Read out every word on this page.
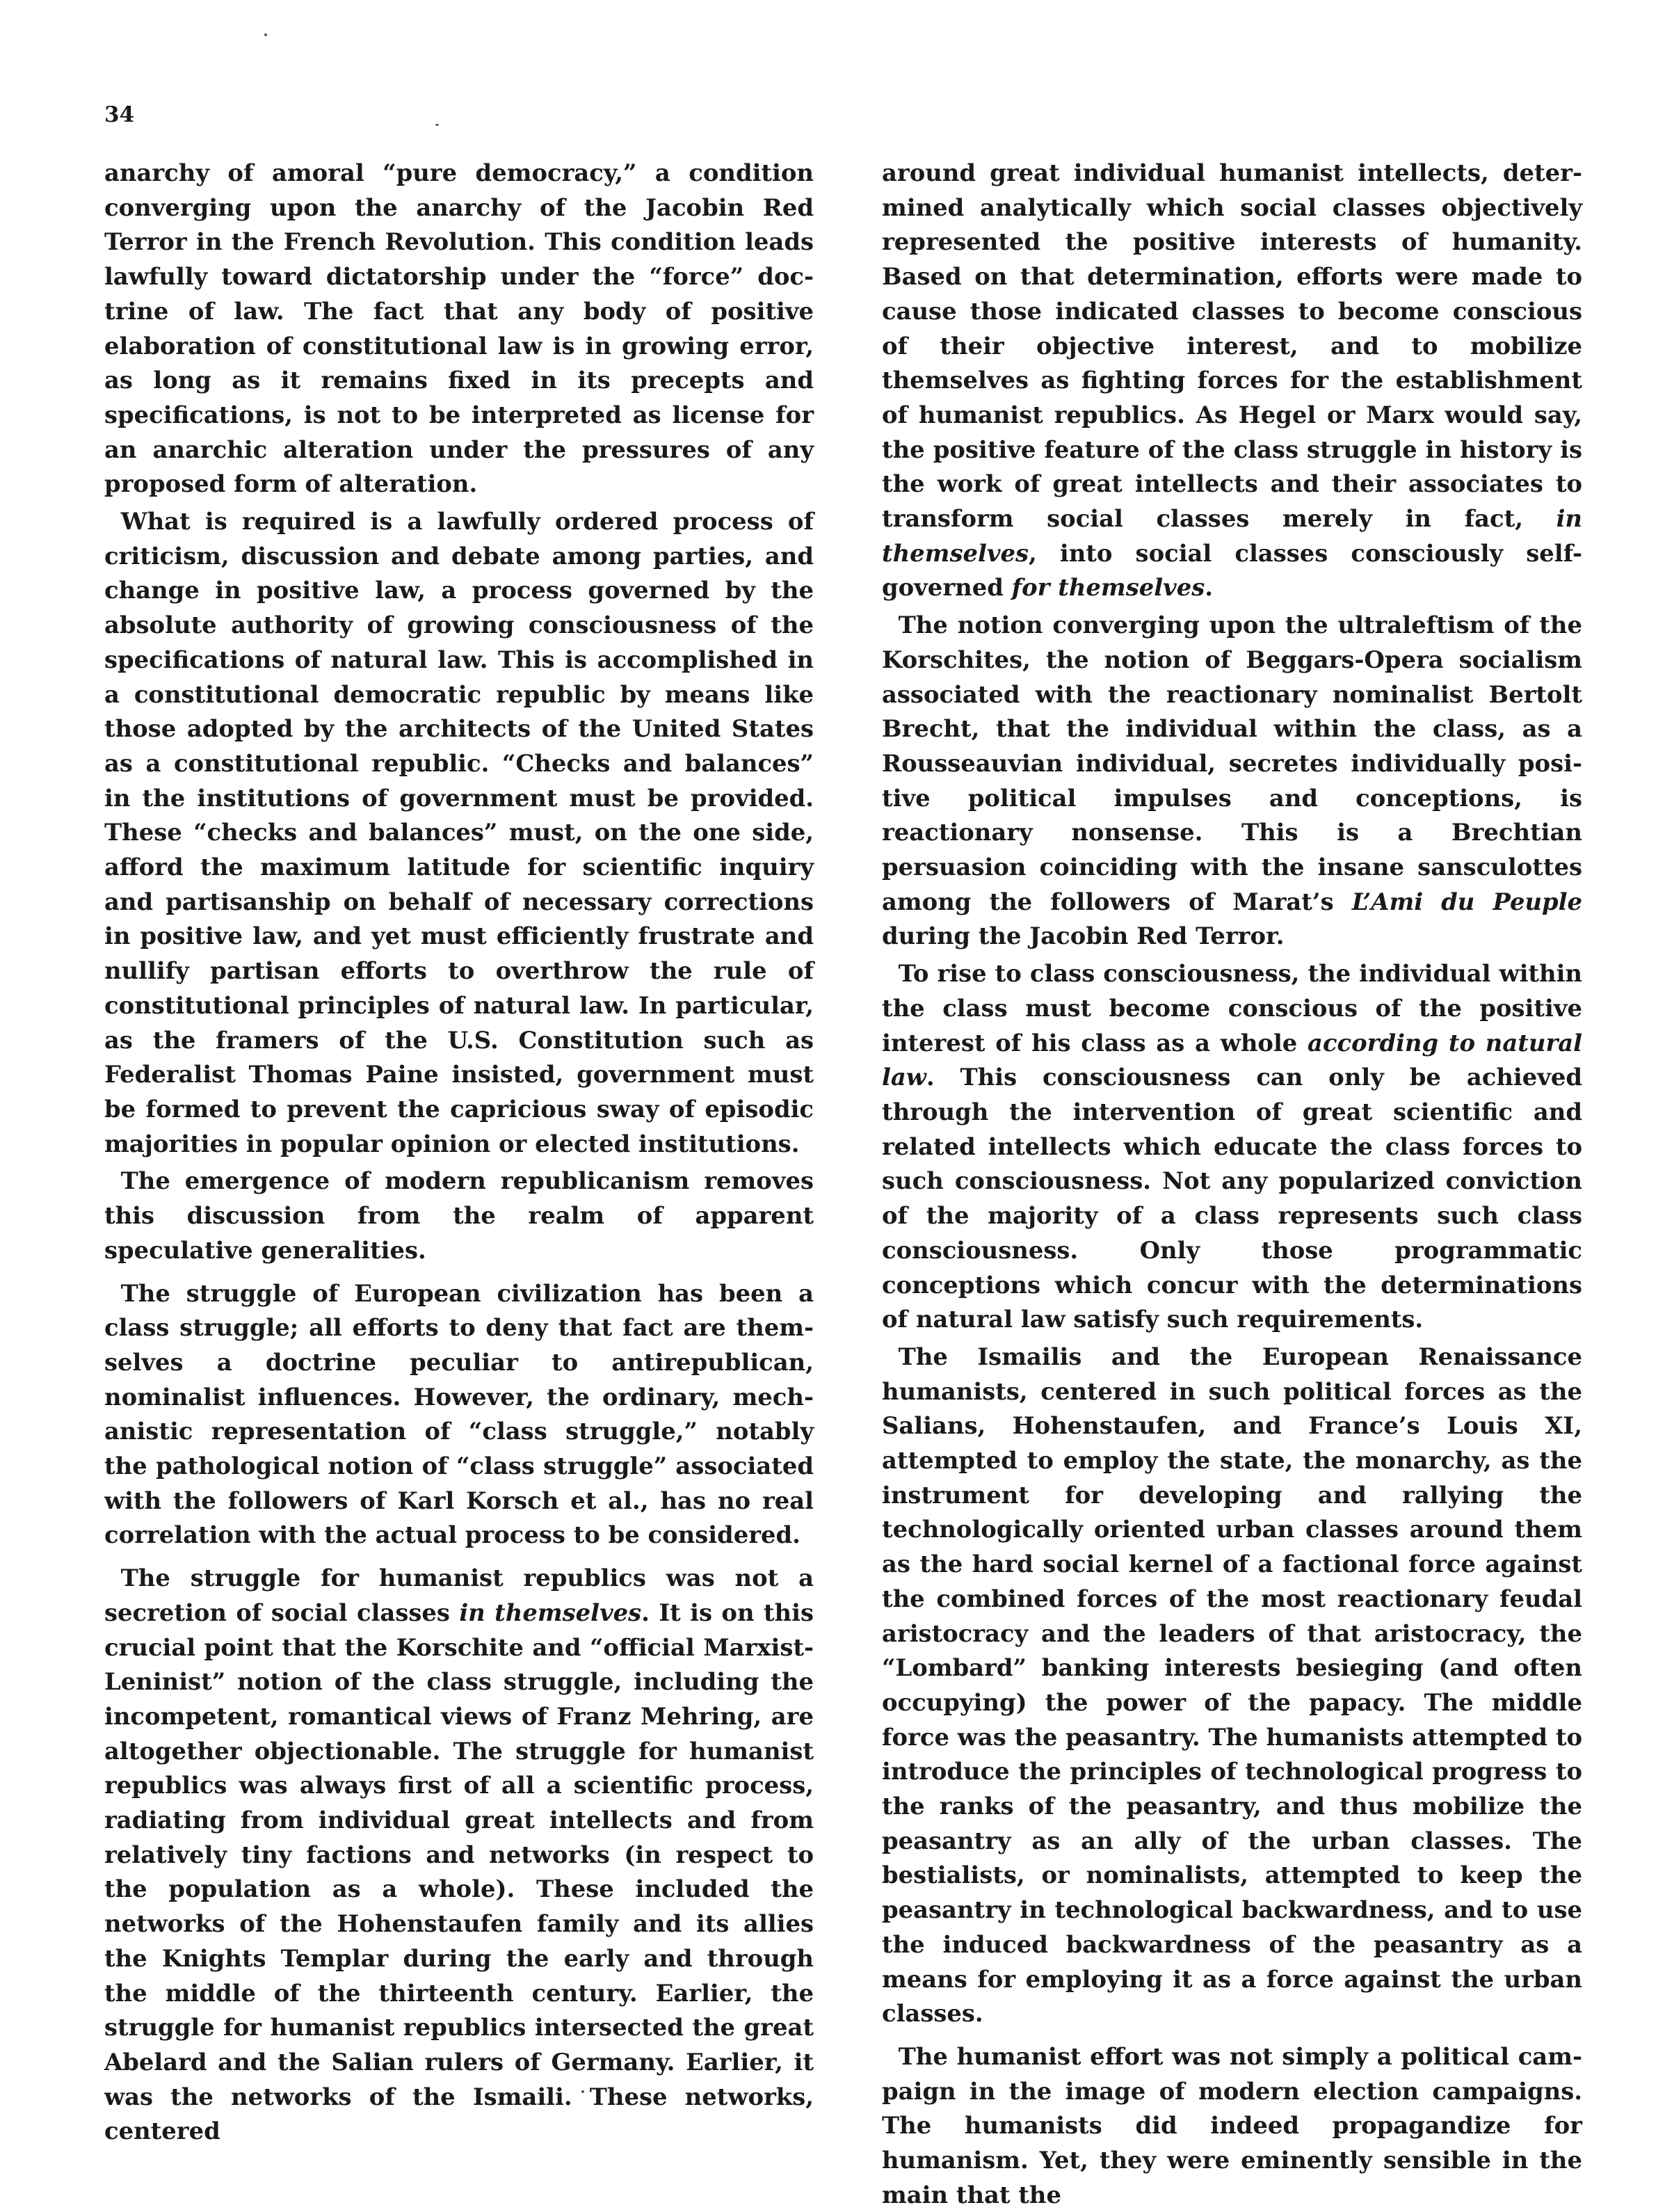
34

anarchy of amoral “pure democracy,” a condition converging upon the anarchy of the Jacobin Red Terror in the French Revolution. This condition leads lawfully toward dictatorship under the “force” doctrine of law. The fact that any body of positive elaboration of constitutional law is in growing error, as long as it remains fixed in its precepts and specifications, is not to be interpreted as license for an anarchic alteration under the pressures of any proposed form of alteration.

What is required is a lawfully ordered process of criticism, discussion and debate among parties, and change in positive law, a process governed by the absolute authority of growing consciousness of the specifications of natural law. This is accomplished in a constitutional democratic republic by means like those adopted by the architects of the United States as a constitutional republic. “Checks and balances” in the institutions of government must be provided. These “checks and balances” must, on the one side, afford the maximum latitude for scientific inquiry and partisanship on behalf of necessary corrections in positive law, and yet must efficiently frustrate and nullify partisan efforts to overthrow the rule of constitutional principles of natural law. In particular, as the framers of the U.S. Constitution such as Federalist Thomas Paine insisted, government must be formed to prevent the capricious sway of episodic majorities in popular opinion or elected institutions.

The emergence of modern republicanism removes this discussion from the realm of apparent speculative generalities.

The struggle of European civilization has been a class struggle; all efforts to deny that fact are themselves a doctrine peculiar to antirepublican, nominalist influences. However, the ordinary, mechanistic representation of “class struggle,” notably the pathological notion of “class struggle” associated with the followers of Karl Korsch et al., has no real correlation with the actual process to be considered.

The struggle for humanist republics was not a secretion of social classes in themselves. It is on this crucial point that the Korschite and “official Marxist-Leninist” notion of the class struggle, including the incompetent, romantical views of Franz Mehring, are altogether objectionable. The struggle for humanist republics was always first of all a scientific process, radiating from individual great intellects and from relatively tiny factions and networks (in respect to the population as a whole). These included the networks of the Hohenstaufen family and its allies the Knights Templar during the early and through the middle of the thirteenth century. Earlier, the struggle for humanist republics intersected the great Abelard and the Salian rulers of Germany. Earlier, it was the networks of the Ismaili. These networks, centered

around great individual humanist intellects, determined analytically which social classes objectively represented the positive interests of humanity. Based on that determination, efforts were made to cause those indicated classes to become conscious of their objective interest, and to mobilize themselves as fighting forces for the establishment of humanist republics. As Hegel or Marx would say, the positive feature of the class struggle in history is the work of great intellects and their associates to transform social classes merely in fact, in themselves, into social classes consciously self-governed for themselves.

The notion converging upon the ultraleftism of the Korschites, the notion of Beggars-Opera socialism associated with the reactionary nominalist Bertolt Brecht, that the individual within the class, as a Rousseauvian individual, secretes individually positive political impulses and conceptions, is reactionary nonsense. This is a Brechtian persuasion coinciding with the insane sansculottes among the followers of Marat’s L’Ami du Peuple during the Jacobin Red Terror.

To rise to class consciousness, the individual within the class must become conscious of the positive interest of his class as a whole according to natural law. This consciousness can only be achieved through the intervention of great scientific and related intellects which educate the class forces to such consciousness. Not any popularized conviction of the majority of a class represents such class consciousness. Only those programmatic conceptions which concur with the determinations of natural law satisfy such requirements.

The Ismailis and the European Renaissance humanists, centered in such political forces as the Salians, Hohenstaufen, and France’s Louis XI, attempted to employ the state, the monarchy, as the instrument for developing and rallying the technologically oriented urban classes around them as the hard social kernel of a factional force against the combined forces of the most reactionary feudal aristocracy and the leaders of that aristocracy, the “Lombard” banking interests besieging (and often occupying) the power of the papacy. The middle force was the peasantry. The humanists attempted to introduce the principles of technological progress to the ranks of the peasantry, and thus mobilize the peasantry as an ally of the urban classes. The bestialists, or nominalists, attempted to keep the peasantry in technological backwardness, and to use the induced backwardness of the peasantry as a means for employing it as a force against the urban classes.

The humanist effort was not simply a political campaign in the image of modern election campaigns. The humanists did indeed propagandize for humanism. Yet, they were eminently sensible in the main that the
